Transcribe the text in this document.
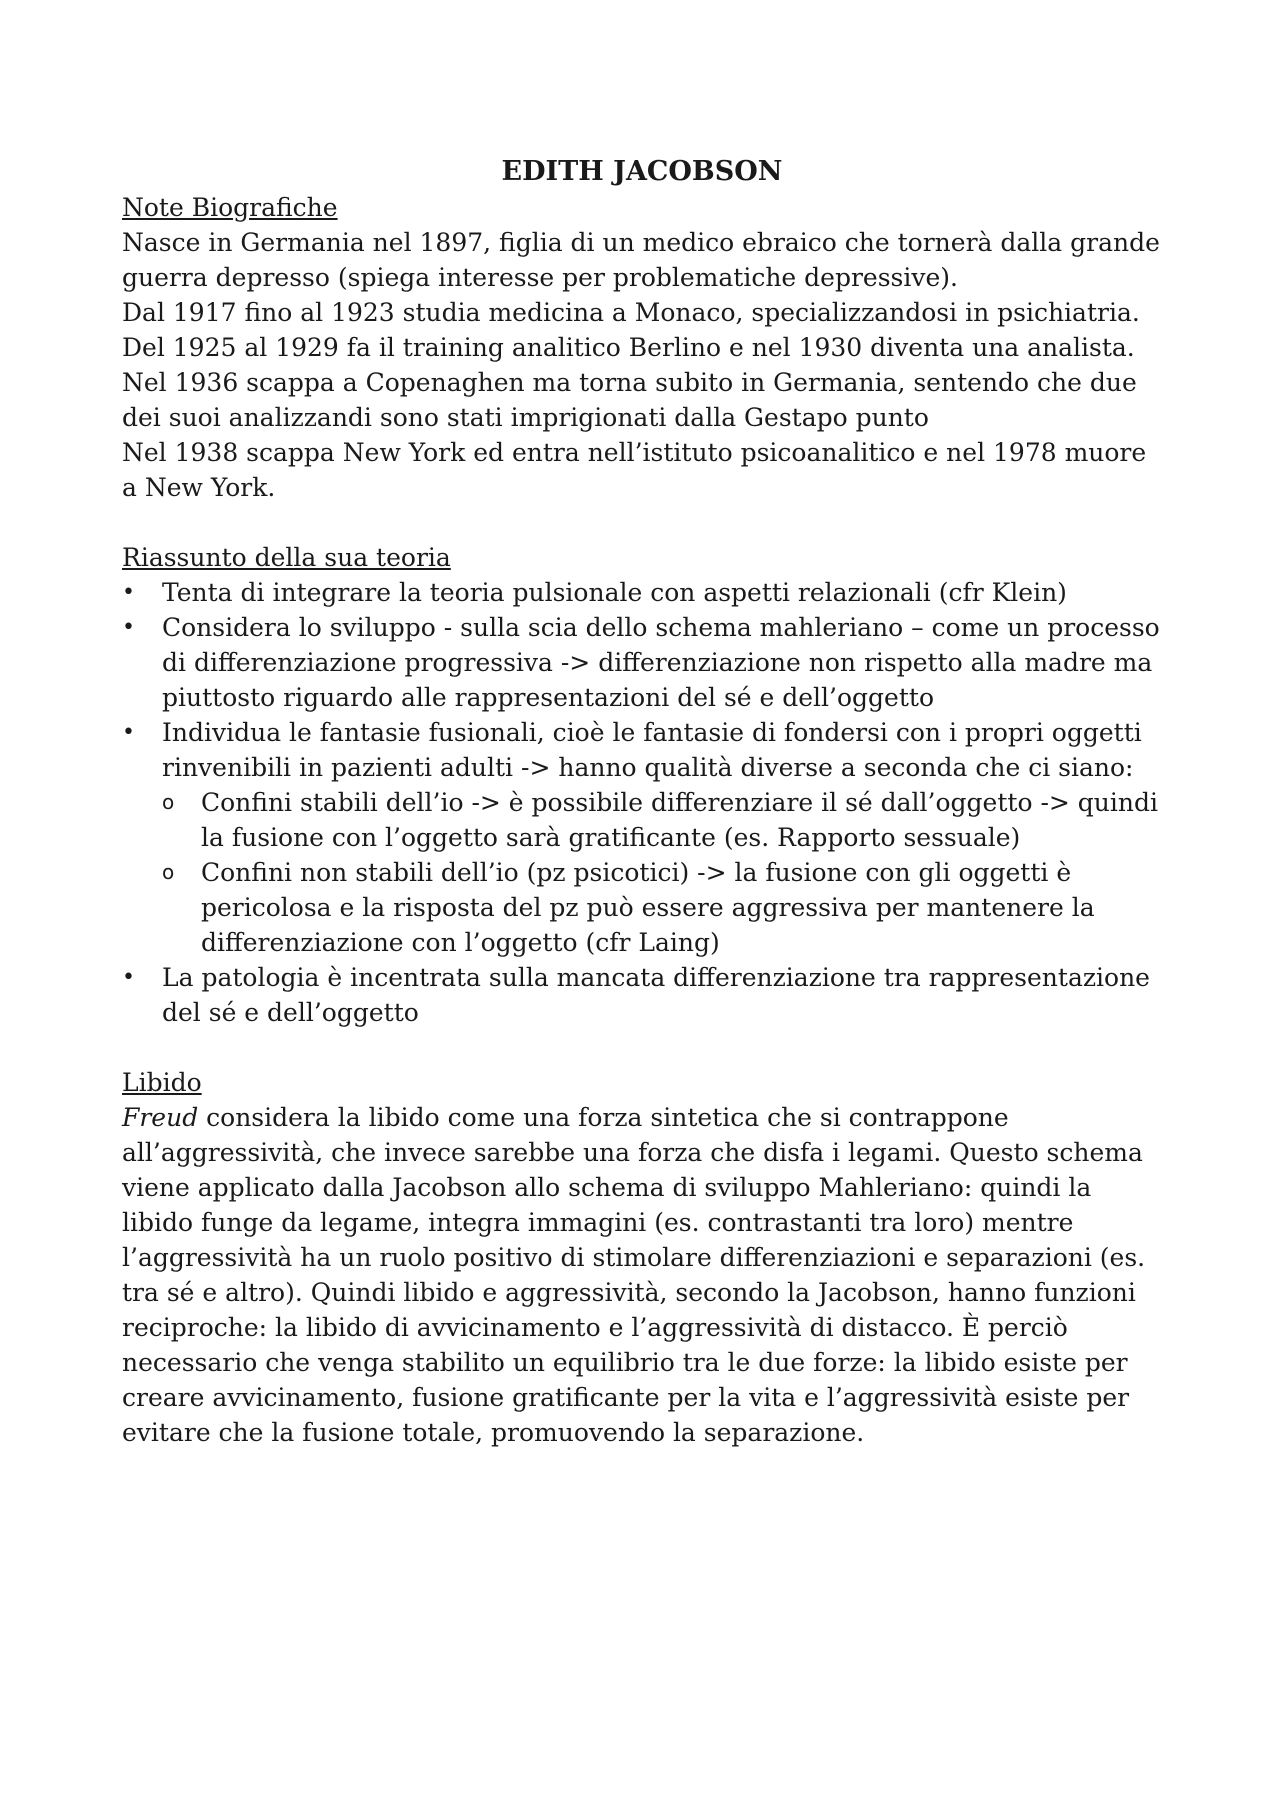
EDITH JACOBSON

Note Biografiche

Nasce in Germania nel 1897, figlia di un medico ebraico che tornerà dalla grande guerra depresso (spiega interesse per problematiche depressive).

Dal 1917 fino al 1923 studia medicina a Monaco, specializzandosi in psichiatria.

Del 1925 al 1929 fa il training analitico Berlino e nel 1930 diventa una analista.

Nel 1936 scappa a Copenaghen ma torna subito in Germania, sentendo che due dei suoi analizzandi sono stati imprigionati dalla Gestapo punto

Nel 1938 scappa New York ed entra nell’istituto psicoanalitico e nel 1978 muore a New York.

Riassunto della sua teoria

•	Tenta di integrare la teoria pulsionale con aspetti relazionali (cfr Klein)
•	Considera lo sviluppo - sulla scia dello schema mahleriano – come un processo di differenziazione progressiva -> differenziazione non rispetto alla madre ma piuttosto riguardo alle rappresentazioni del sé e dell’oggetto
•	Individua le fantasie fusionali, cioè le fantasie di fondersi con i propri oggetti rinvenibili in pazienti adulti -> hanno qualità diverse a seconda che ci siano:
o	Confini stabili dell’io -> è possibile differenziare il sé dall’oggetto -> quindi la fusione con l’oggetto sarà gratificante (es. Rapporto sessuale)
o	Confini non stabili dell’io (pz psicotici) -> la fusione con gli oggetti è pericolosa e la risposta del pz può essere aggressiva per mantenere la differenziazione con l’oggetto (cfr Laing)
•	La patologia è incentrata sulla mancata differenziazione tra rappresentazione del sé e dell’oggetto

Libido

Freud considera la libido come una forza sintetica che si contrappone all’aggressività, che invece sarebbe una forza che disfa i legami. Questo schema viene applicato dalla Jacobson allo schema di sviluppo Mahleriano: quindi la libido funge da legame, integra immagini (es. contrastanti tra loro) mentre l’aggressività ha un ruolo positivo di stimolare differenziazioni e separazioni (es. tra sé e altro). Quindi libido e aggressività, secondo la Jacobson, hanno funzioni reciproche: la libido di avvicinamento e l’aggressività di distacco. È perciò necessario che venga stabilito un equilibrio tra le due forze: la libido esiste per creare avvicinamento, fusione gratificante per la vita e l’aggressività esiste per evitare che la fusione totale, promuovendo la separazione.
